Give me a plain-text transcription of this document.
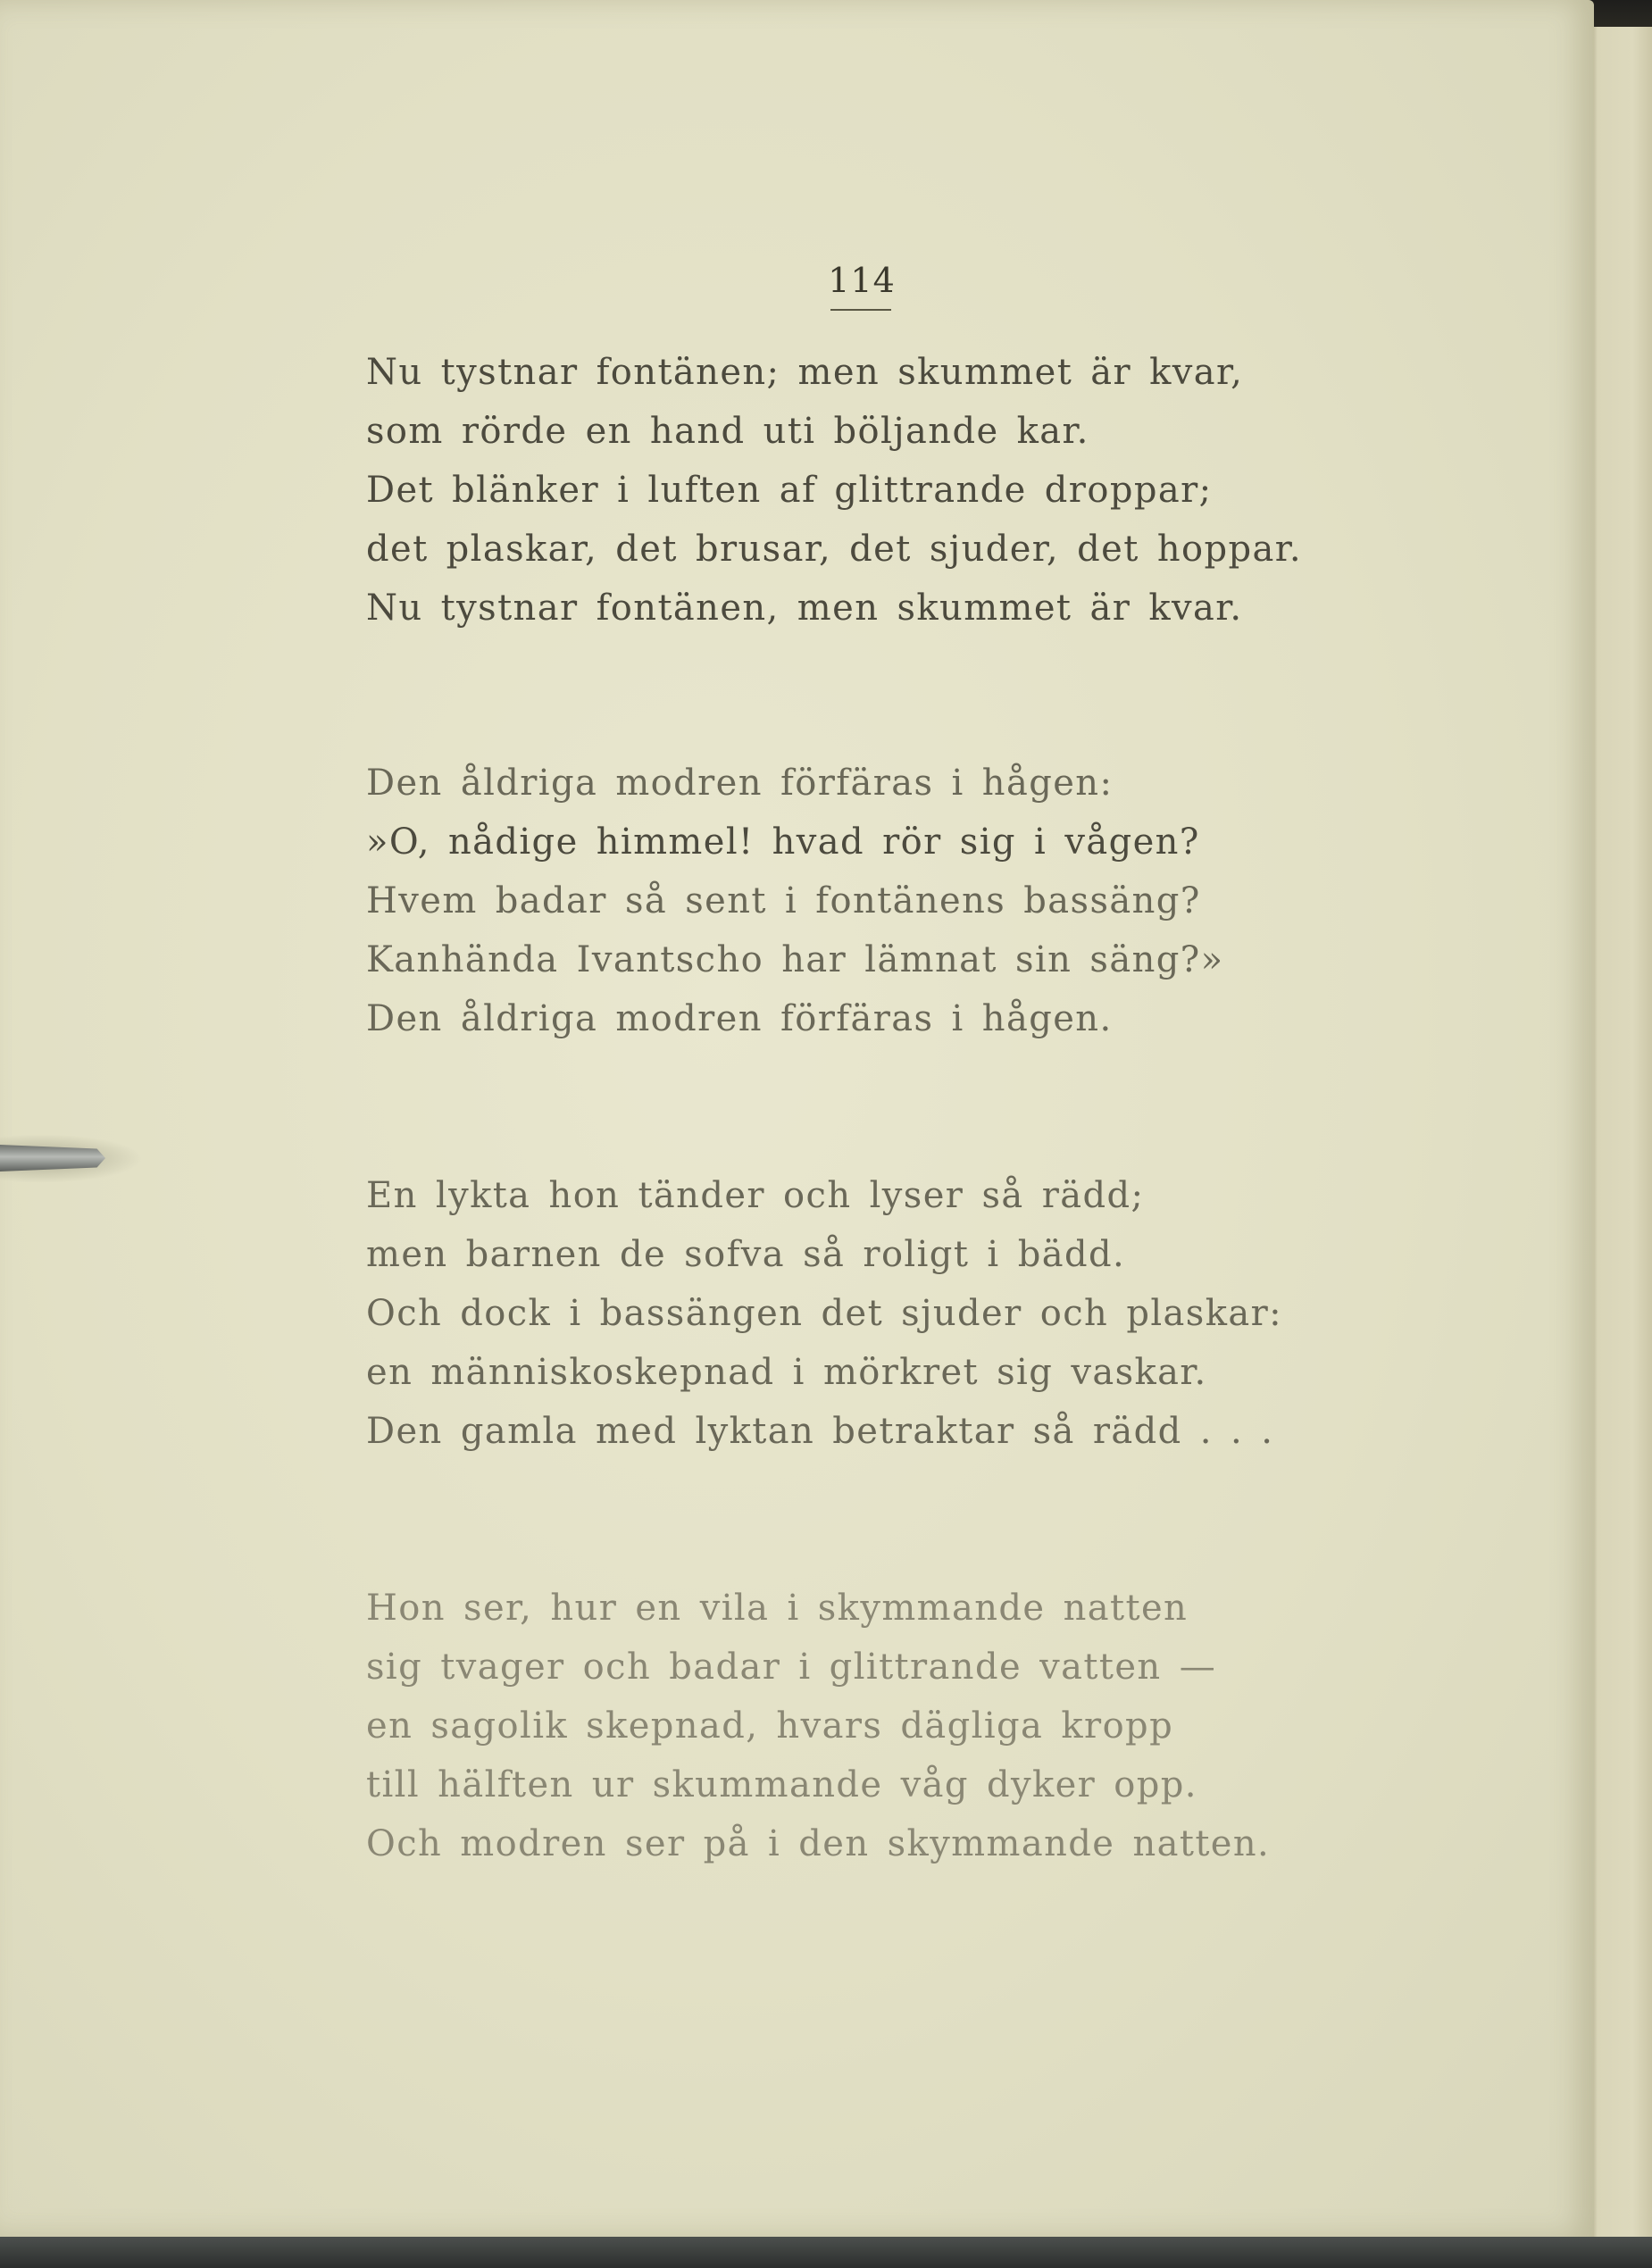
114
Nu tystnar fontänen; men skummet är kvar,
som rörde en hand uti böljande kar.
Det blänker i luften af glittrande droppar;
det plaskar, det brusar, det sjuder, det hoppar.
Nu tystnar fontänen, men skummet är kvar.
Den åldriga modren förfäras i hågen:
»O, nådige himmel! hvad rör sig i vågen?
Hvem badar så sent i fontänens bassäng?
Kanhända Ivantscho har lämnat sin säng?»
Den åldriga modren förfäras i hågen.
En lykta hon tänder och lyser så rädd;
men barnen de sofva så roligt i bädd.
Och dock i bassängen det sjuder och plaskar:
en människoskepnad i mörkret sig vaskar.
Den gamla med lyktan betraktar så rädd . . .
Hon ser, hur en vila i skymmande natten
sig tvager och badar i glittrande vatten —
en sagolik skepnad, hvars dägliga kropp
till hälften ur skummande våg dyker opp.
Och modren ser på i den skymmande natten.
